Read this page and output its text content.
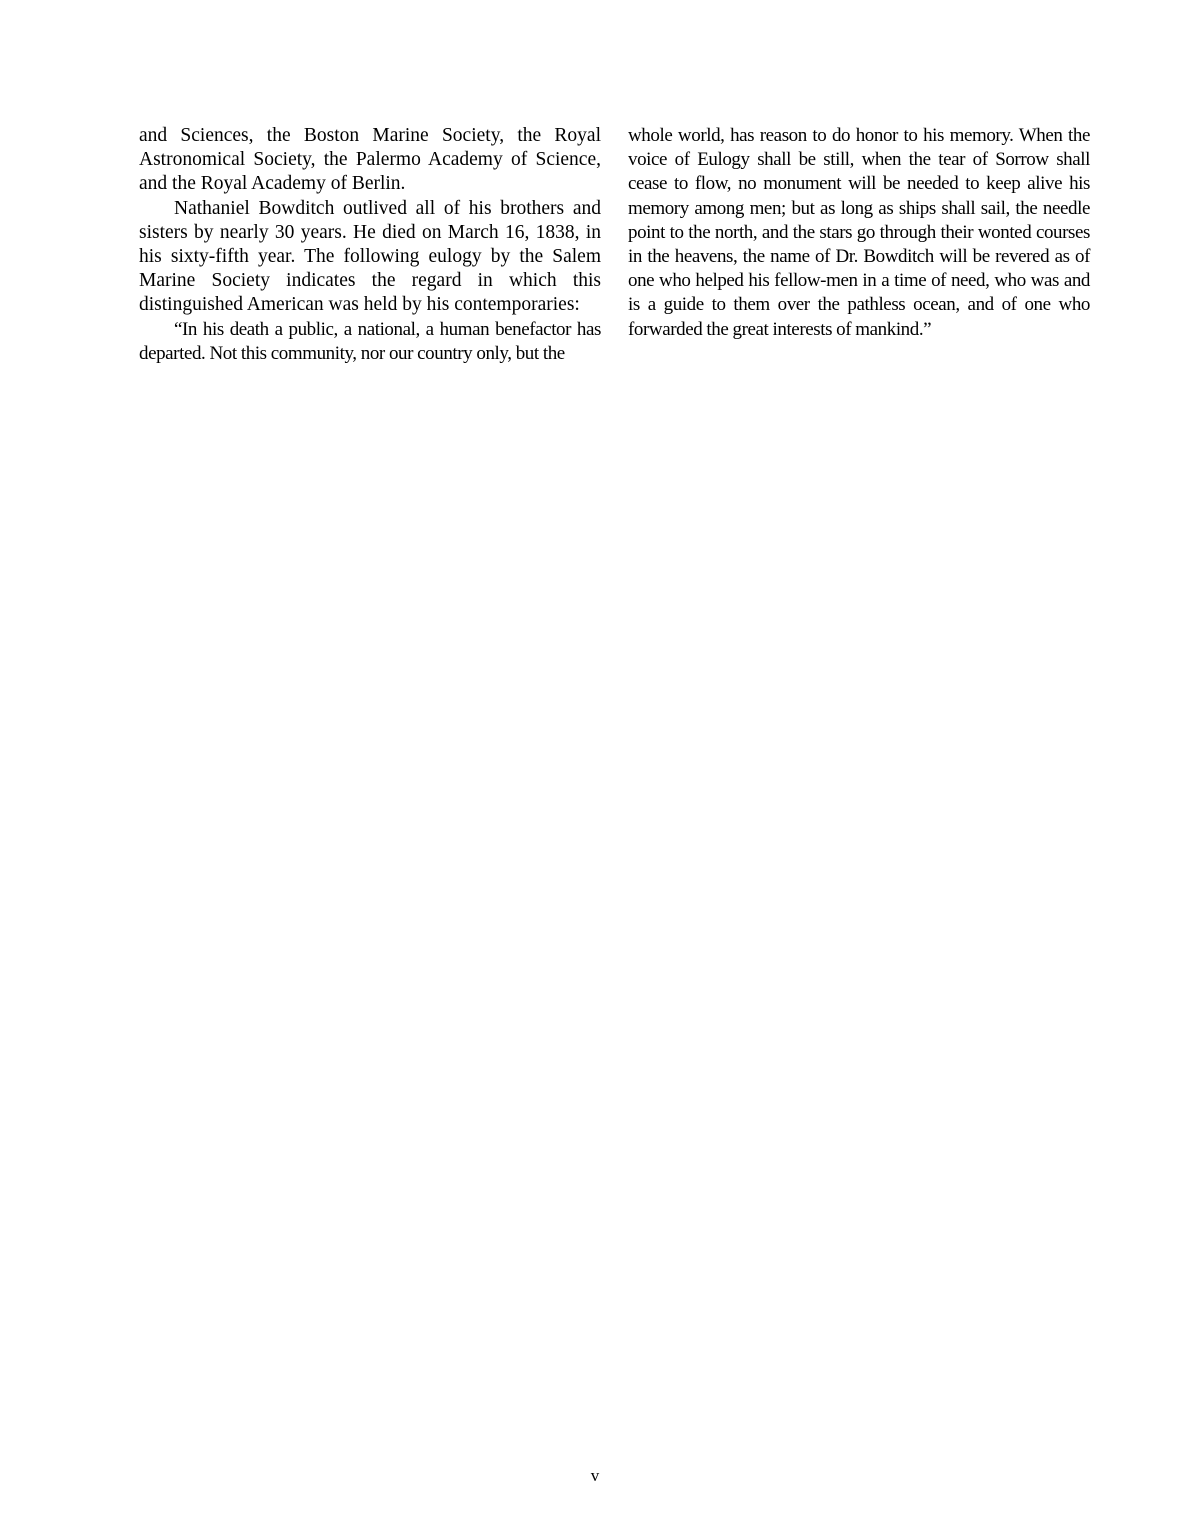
and Sciences, the Boston Marine Society, the Royal Astronomical Society, the Palermo Academy of Science, and the Royal Academy of Berlin.

Nathaniel Bowditch outlived all of his brothers and sisters by nearly 30 years. He died on March 16, 1838, in his sixty-fifth year. The following eulogy by the Salem Marine Society indicates the regard in which this distinguished American was held by his contemporaries:

“In his death a public, a national, a human benefactor has departed. Not this community, nor our country only, but the

whole world, has reason to do honor to his memory. When the voice of Eulogy shall be still, when the tear of Sorrow shall cease to flow, no monument will be needed to keep alive his memory among men; but as long as ships shall sail, the needle point to the north, and the stars go through their wonted courses in the heavens, the name of Dr. Bowditch will be revered as of one who helped his fellow-men in a time of need, who was and is a guide to them over the pathless ocean, and of one who forwarded the great interests of mankind.”

v
